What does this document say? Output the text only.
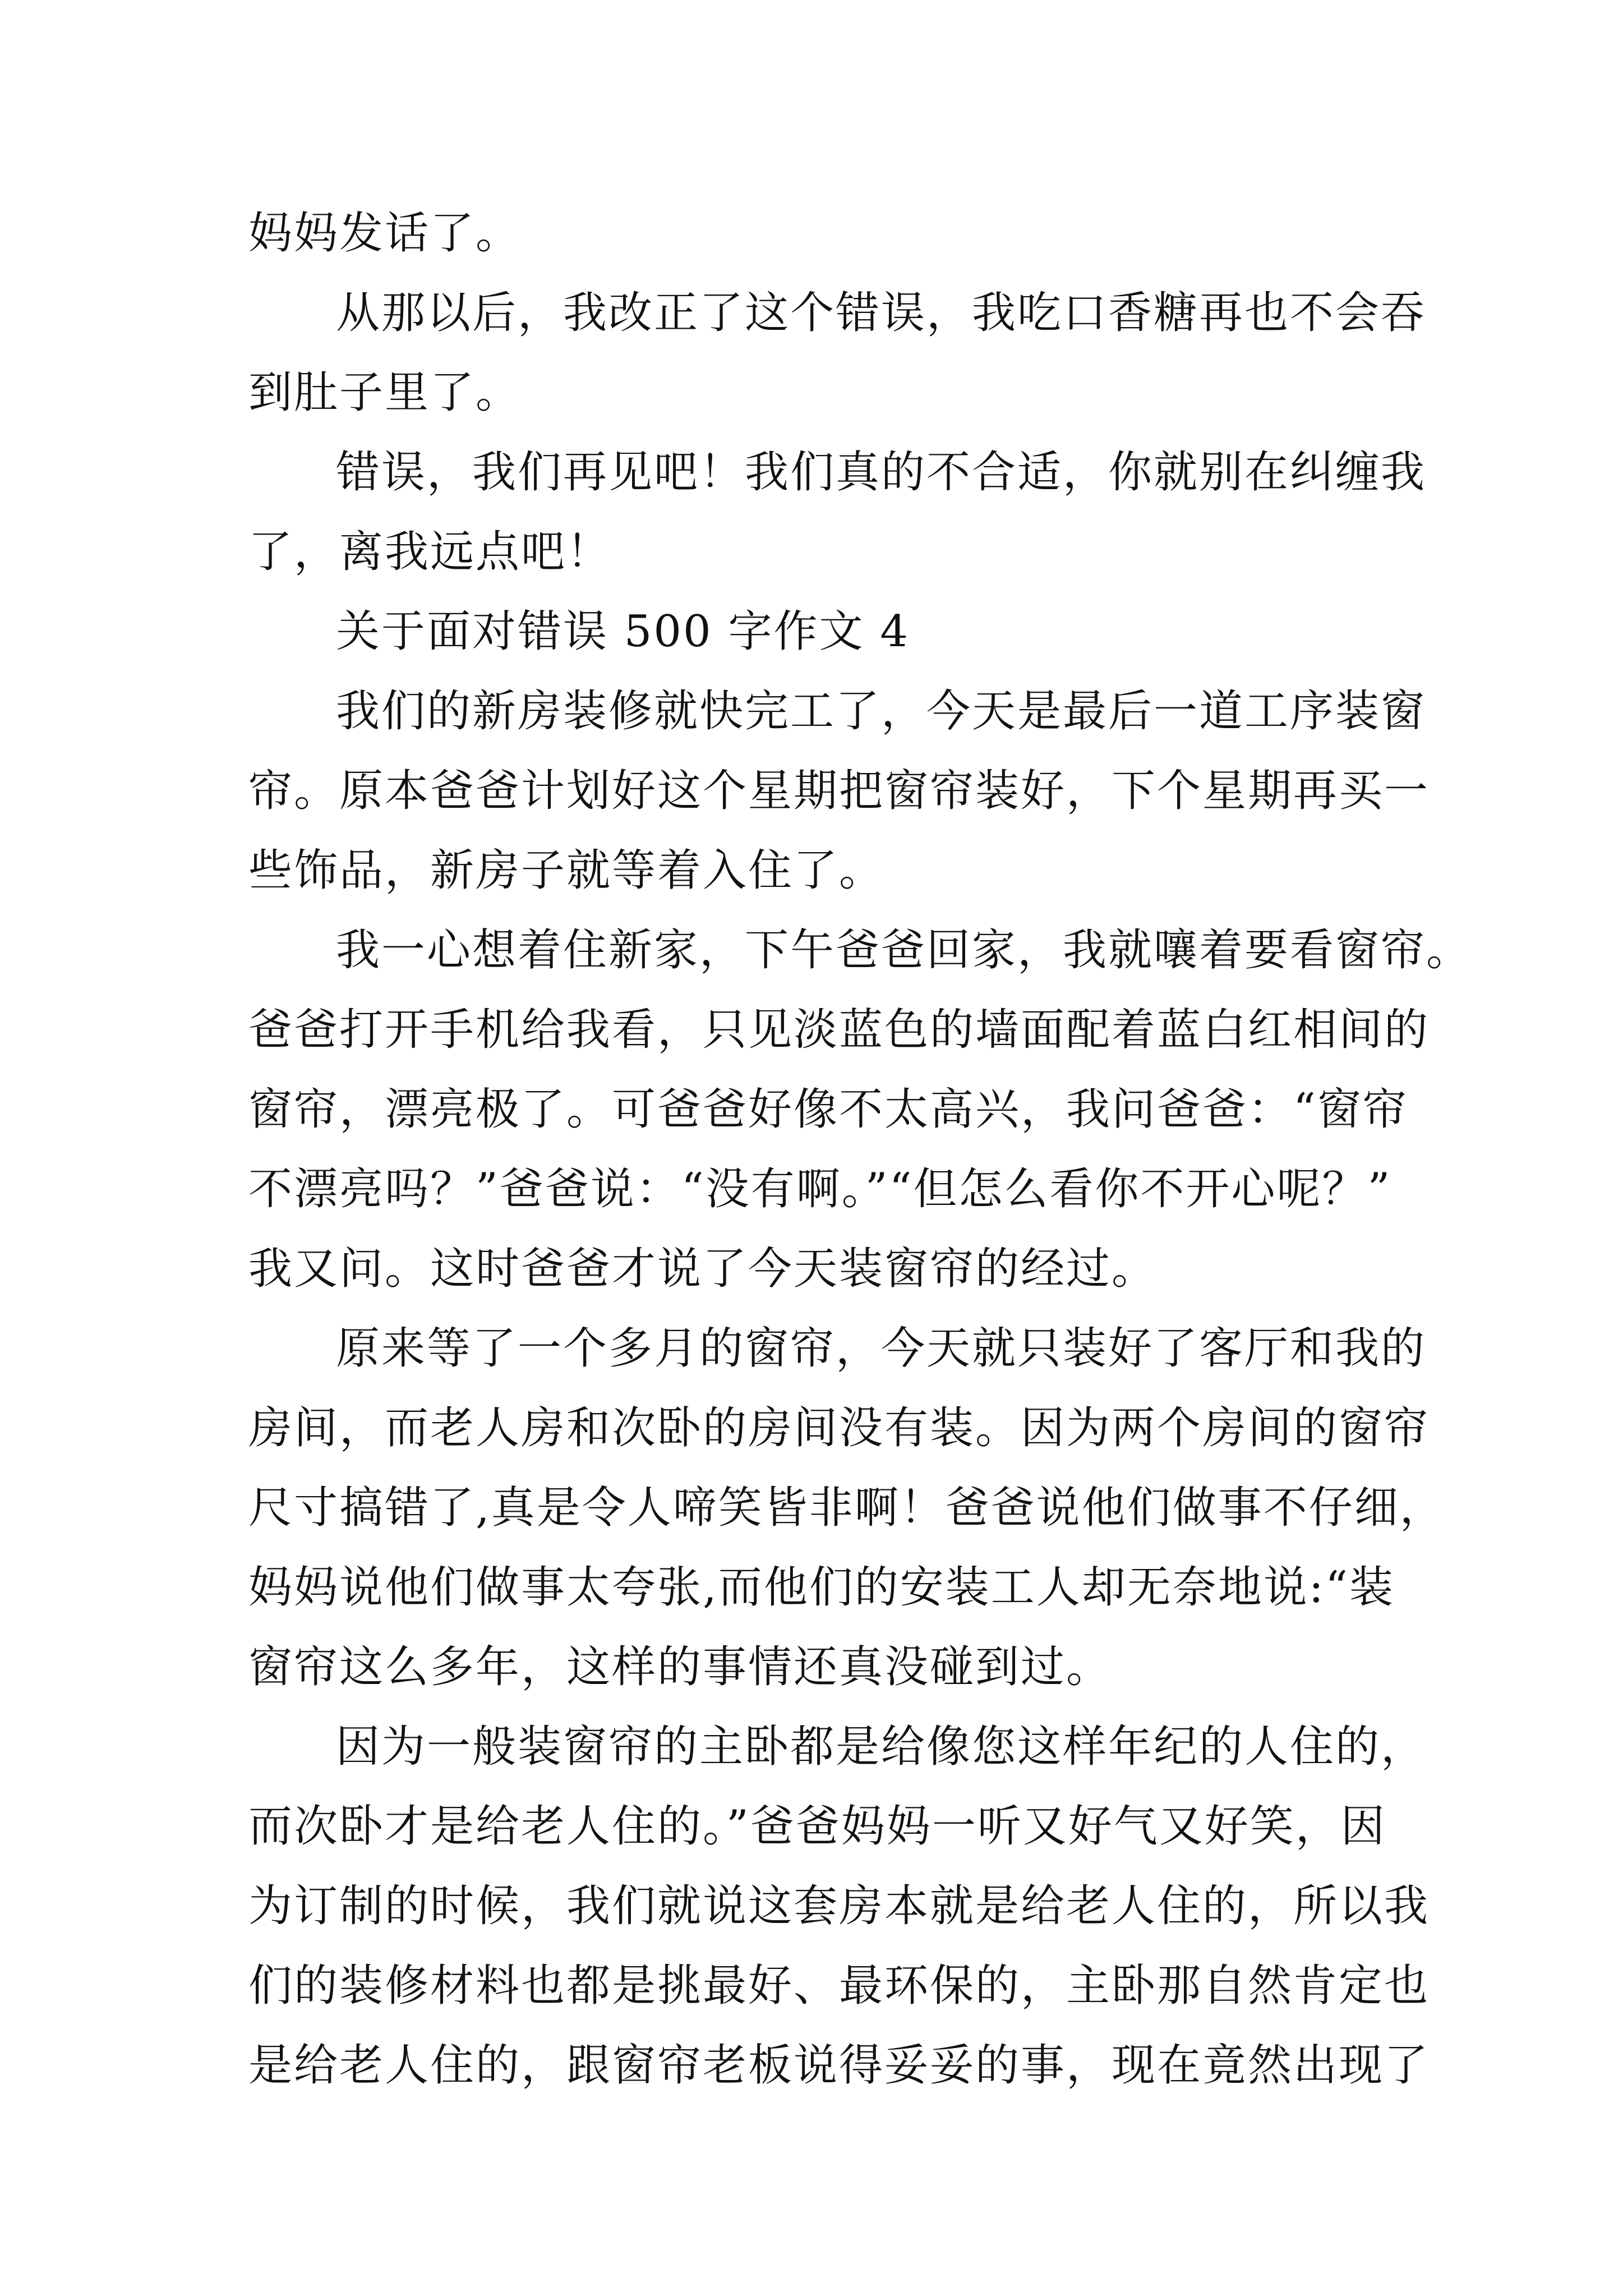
妈妈发话了。
从那以后，我改正了这个错误，我吃口香糖再也不会吞
到肚子里了。
错误，我们再见吧！我们真的不合适，你就别在纠缠我
了，离我远点吧！
关于面对错误 500 字作文 4
我们的新房装修就快完工了，今天是最后一道工序装窗
帘。原本爸爸计划好这个星期把窗帘装好，下个星期再买一
些饰品，新房子就等着入住了。
我一心想着住新家，下午爸爸回家，我就嚷着要看窗帘。
爸爸打开手机给我看，只见淡蓝色的墙面配着蓝白红相间的
窗帘，漂亮极了。可爸爸好像不太高兴，我问爸爸：“窗帘
不漂亮吗？”爸爸说：“没有啊。”“但怎么看你不开心呢？”
我又问。这时爸爸才说了今天装窗帘的经过。
原来等了一个多月的窗帘，今天就只装好了客厅和我的
房间，而老人房和次卧的房间没有装。因为两个房间的窗帘
尺寸搞错了,真是令人啼笑皆非啊！爸爸说他们做事不仔细，
妈妈说他们做事太夸张,而他们的安装工人却无奈地说:“装
窗帘这么多年，这样的事情还真没碰到过。
因为一般装窗帘的主卧都是给像您这样年纪的人住的，
而次卧才是给老人住的。”爸爸妈妈一听又好气又好笑，因
为订制的时候，我们就说这套房本就是给老人住的，所以我
们的装修材料也都是挑最好、最环保的，主卧那自然肯定也
是给老人住的，跟窗帘老板说得妥妥的事，现在竟然出现了
